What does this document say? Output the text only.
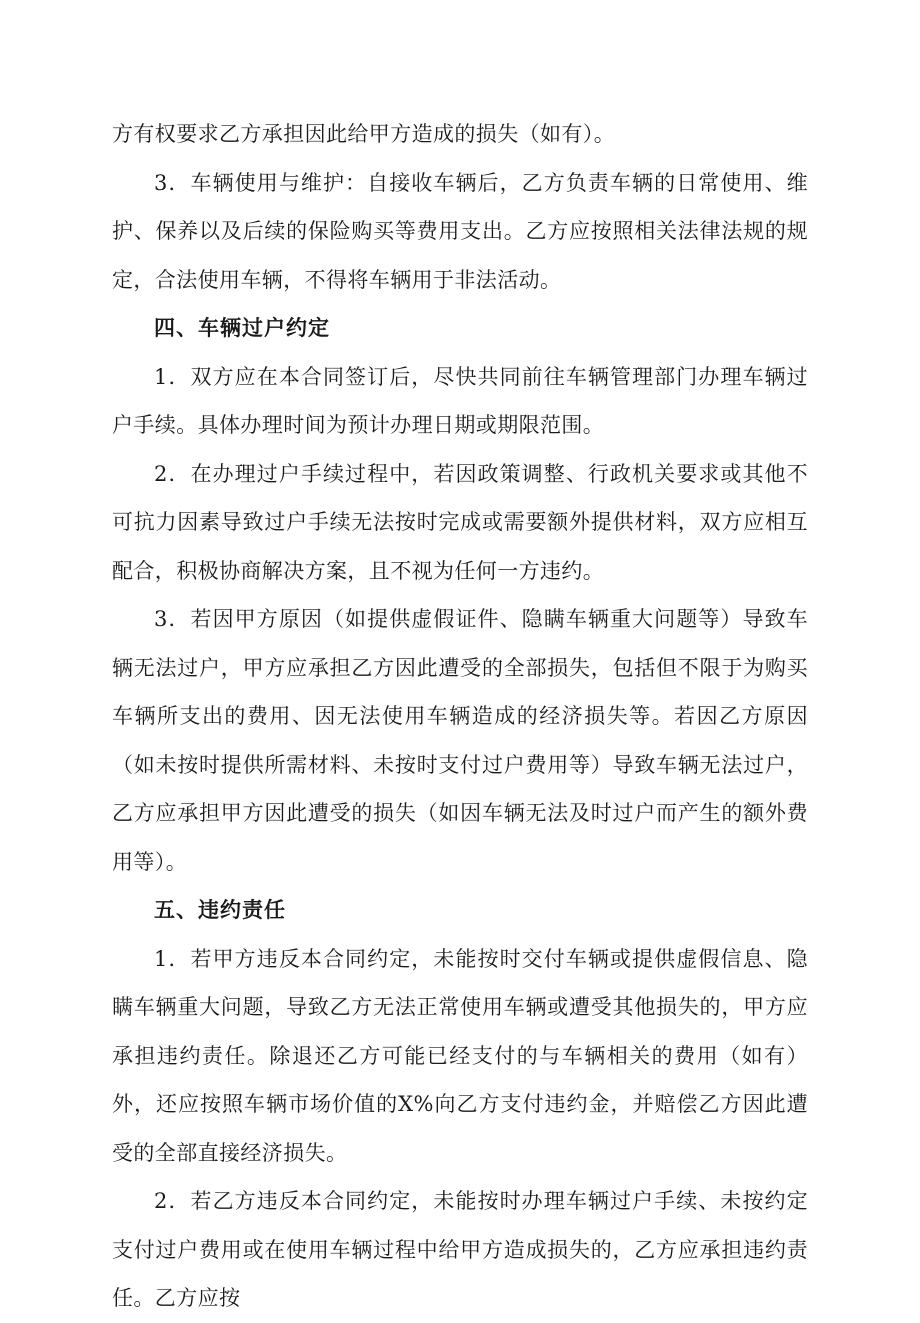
方有权要求乙方承担因此给甲方造成的损失（如有）。

3．车辆使用与维护：自接收车辆后，乙方负责车辆的日常使用、维护、保养以及后续的保险购买等费用支出。乙方应按照相关法律法规的规定，合法使用车辆，不得将车辆用于非法活动。

四、车辆过户约定

1．双方应在本合同签订后，尽快共同前往车辆管理部门办理车辆过户手续。具体办理时间为预计办理日期或期限范围。

2．在办理过户手续过程中，若因政策调整、行政机关要求或其他不可抗力因素导致过户手续无法按时完成或需要额外提供材料，双方应相互配合，积极协商解决方案，且不视为任何一方违约。

3．若因甲方原因（如提供虚假证件、隐瞒车辆重大问题等）导致车辆无法过户，甲方应承担乙方因此遭受的全部损失，包括但不限于为购买车辆所支出的费用、因无法使用车辆造成的经济损失等。若因乙方原因（如未按时提供所需材料、未按时支付过户费用等）导致车辆无法过户，乙方应承担甲方因此遭受的损失（如因车辆无法及时过户而产生的额外费用等）。

五、违约责任

1．若甲方违反本合同约定，未能按时交付车辆或提供虚假信息、隐瞒车辆重大问题，导致乙方无法正常使用车辆或遭受其他损失的，甲方应承担违约责任。除退还乙方可能已经支付的与车辆相关的费用（如有）外，还应按照车辆市场价值的X%向乙方支付违约金，并赔偿乙方因此遭受的全部直接经济损失。

2．若乙方违反本合同约定，未能按时办理车辆过户手续、未按约定支付过户费用或在使用车辆过程中给甲方造成损失的，乙方应承担违约责任。乙方应按
